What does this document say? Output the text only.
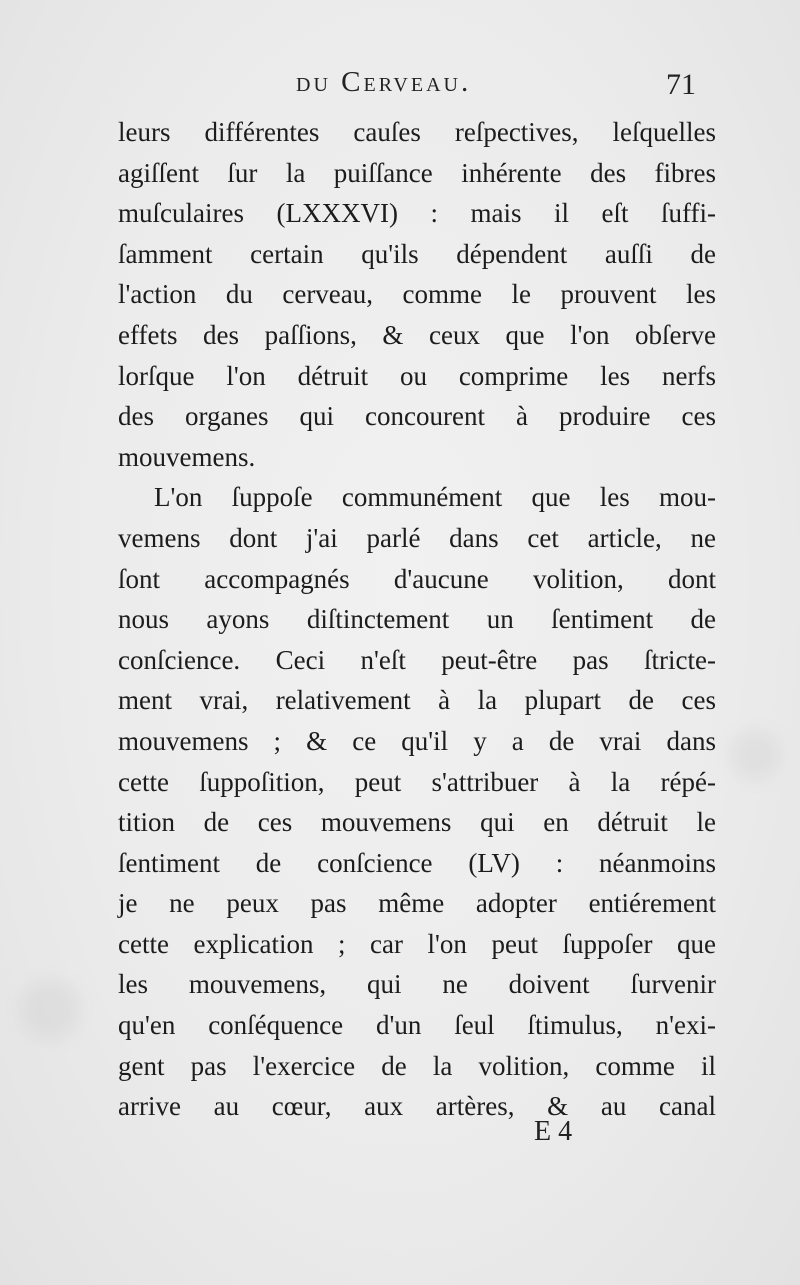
du Cerveau.	71
leurs différentes cauſes reſpectives, leſquelles
agiſſent ſur la puiſſance inhérente des fibres
muſculaires (LXXXVI) : mais il eſt ſuffi-
ſamment certain qu'ils dépendent auſſi de
l'action du cerveau, comme le prouvent les
effets des paſſions, & ceux que l'on obſerve
lorſque l'on détruit ou comprime les nerfs
des organes qui concourent à produire ces
mouvemens.
L'on ſuppoſe communément que les mou-
vemens dont j'ai parlé dans cet article, ne
ſont accompagnés d'aucune volition, dont
nous ayons diſtinctement un ſentiment de
conſcience. Ceci n'eſt peut-être pas ſtricte-
ment vrai, relativement à la plupart de ces
mouvemens ; & ce qu'il y a de vrai dans
cette ſuppoſition, peut s'attribuer à la répé-
tition de ces mouvemens qui en détruit le
ſentiment de conſcience (LV) : néanmoins
je ne peux pas même adopter entiérement
cette explication ; car l'on peut ſuppoſer que
les mouvemens, qui ne doivent ſurvenir
qu'en conſéquence d'un ſeul ſtimulus, n'exi-
gent pas l'exercice de la volition, comme il
arrive au cœur, aux artères, & au canal
E 4
